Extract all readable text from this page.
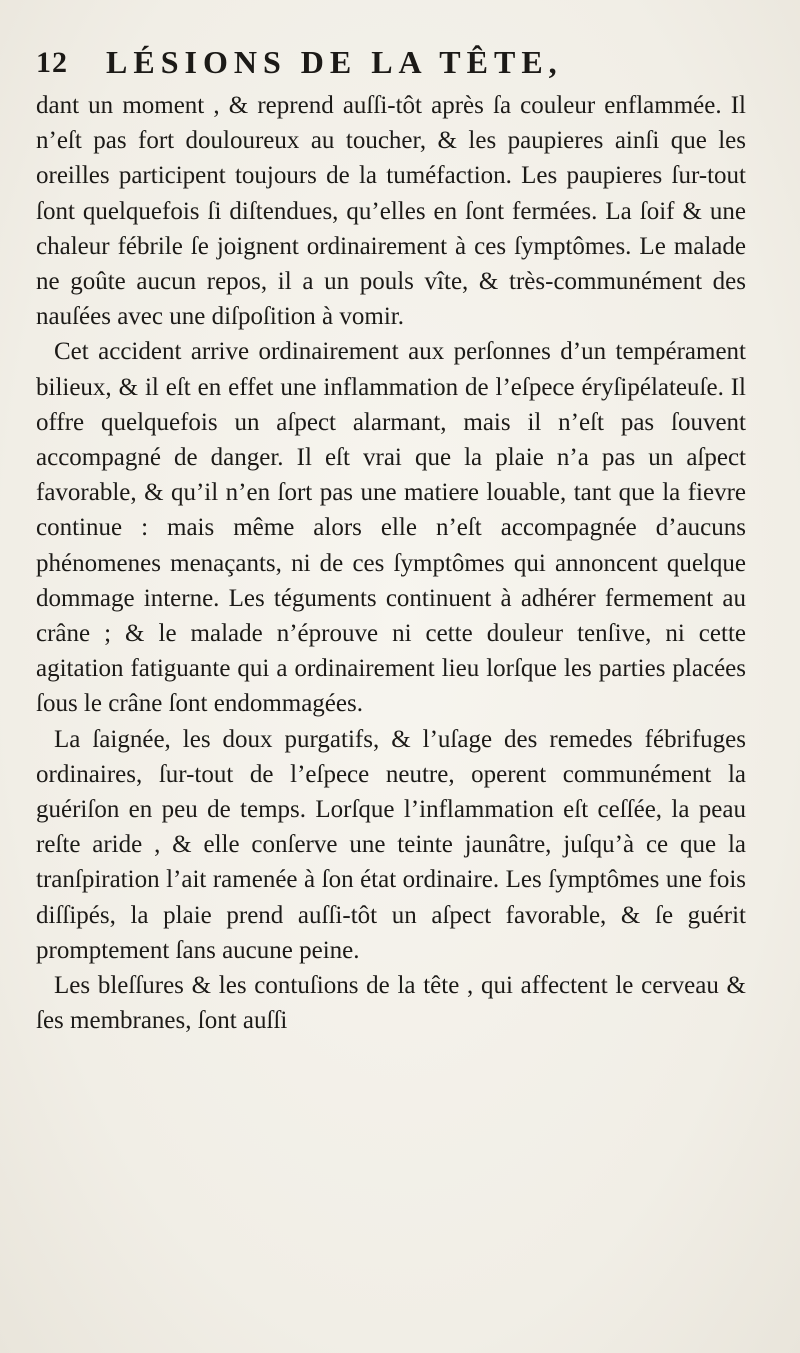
12 LÉSIONS DE LA TÊTE,

dant un moment , & reprend auſſi-tôt après ſa couleur enflammée. Il n’eſt pas fort douloureux au toucher, & les paupieres ainſi que les oreilles participent toujours de la tuméfaction. Les paupieres ſur-tout ſont quelquefois ſi diſtendues, qu’elles en ſont fermées. La ſoif & une chaleur fébrile ſe joignent ordinairement à ces ſymptômes. Le malade ne goûte aucun repos, il a un pouls vîte, & très-communément des nauſées avec une diſpoſition à vomir.

Cet accident arrive ordinairement aux perſonnes d’un tempérament bilieux, & il eſt en effet une inflammation de l’eſpece éryſipélateuſe. Il offre quelquefois un aſpect alarmant, mais il n’eſt pas ſouvent accompagné de danger. Il eſt vrai que la plaie n’a pas un aſpect favorable, & qu’il n’en ſort pas une matiere louable, tant que la fievre continue : mais même alors elle n’eſt accompagnée d’aucuns phénomenes menaçants, ni de ces ſymptômes qui annoncent quelque dommage interne. Les téguments continuent à adhérer fermement au crâne ; & le malade n’éprouve ni cette douleur tenſive, ni cette agitation fatiguante qui a ordinairement lieu lorſque les parties placées ſous le crâne ſont endommagées.

La ſaignée, les doux purgatifs, & l’uſage des remedes fébrifuges ordinaires, ſur-tout de l’eſpece neutre, operent communément la guériſon en peu de temps. Lorſque l’inflammation eſt ceſſée, la peau reſte aride , & elle conſerve une teinte jaunâtre, juſqu’à ce que la tranſpiration l’ait ramenée à ſon état ordinaire. Les ſymptômes une fois diſſipés, la plaie prend auſſi-tôt un aſpect favorable, & ſe guérit promptement ſans aucune peine.

Les bleſſures & les contuſions de la tête , qui affectent le cerveau & ſes membranes, ſont auſſi
